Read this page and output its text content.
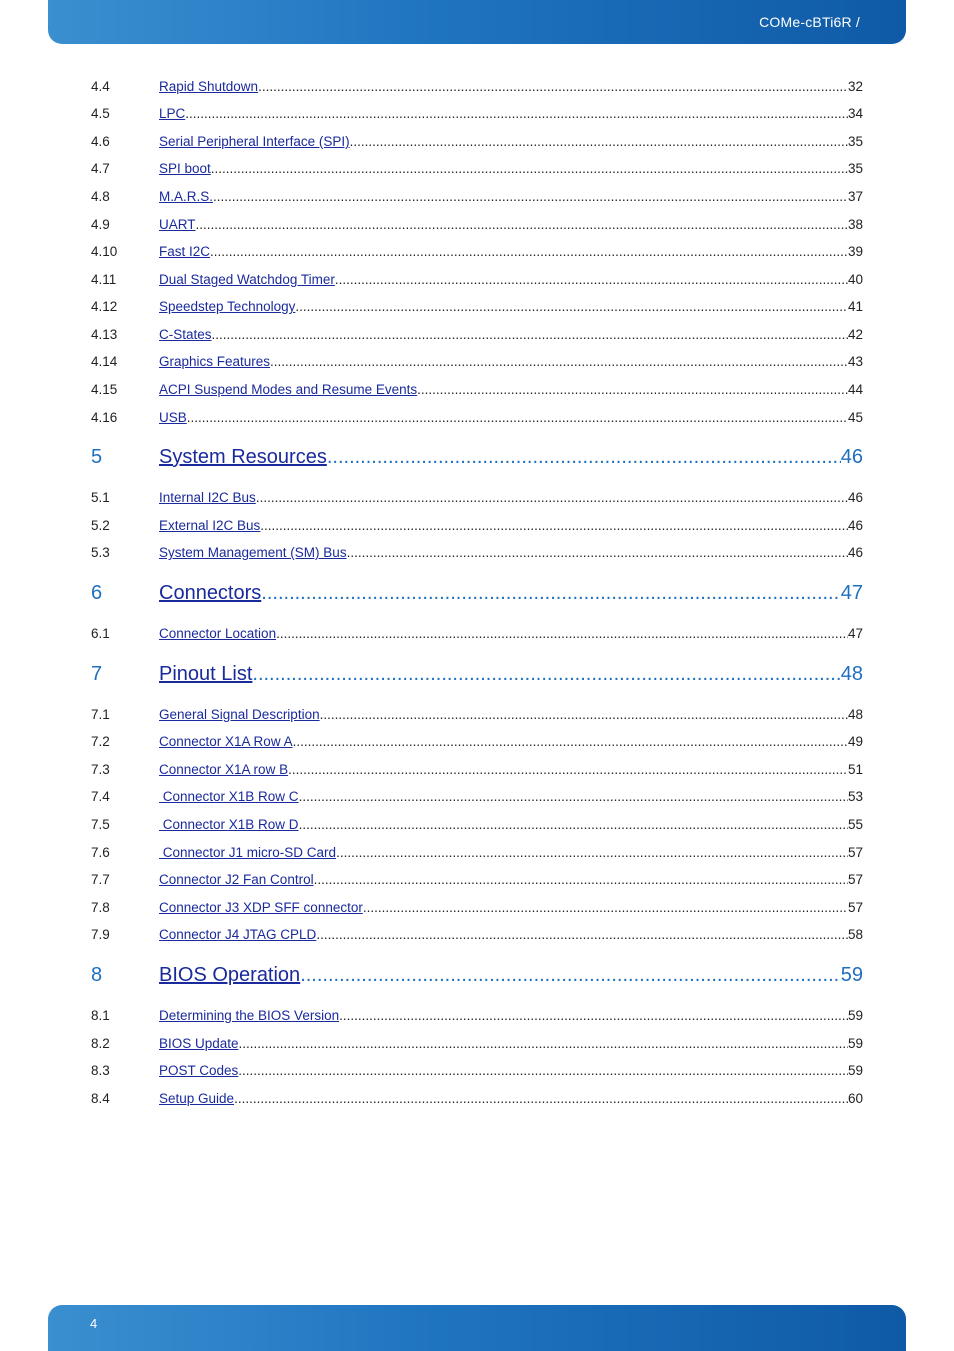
COMe-cBTi6R /
4.4	Rapid Shutdown .....	32
4.5	LPC .....	34
4.6	Serial Peripheral Interface (SPI) .....	35
4.7	SPI boot .....	35
4.8	M.A.R.S. .....	37
4.9	UART .....	38
4.10	Fast I2C .....	39
4.11	Dual Staged Watchdog Timer .....	40
4.12	Speedstep Technology .....	41
4.13	C-States .....	42
4.14	Graphics Features .....	43
4.15	ACPI Suspend Modes and Resume Events .....	44
4.16	USB .....	45
5	System Resources .....	46
5.1	Internal I2C Bus .....	46
5.2	External I2C Bus .....	46
5.3	System Management (SM) Bus .....	46
6	Connectors .....	47
6.1	Connector Location .....	47
7	Pinout List .....	48
7.1	General Signal Description .....	48
7.2	Connector X1A Row A .....	49
7.3	Connector X1A row B .....	51
7.4	Connector X1B Row C .....	53
7.5	Connector X1B Row D .....	55
7.6	Connector J1 micro-SD Card .....	57
7.7	Connector J2 Fan Control .....	57
7.8	Connector J3 XDP SFF connector .....	57
7.9	Connector J4 JTAG CPLD .....	58
8	BIOS Operation .....	59
8.1	Determining the BIOS Version .....	59
8.2	BIOS Update .....	59
8.3	POST Codes .....	59
8.4	Setup Guide .....	60
4
